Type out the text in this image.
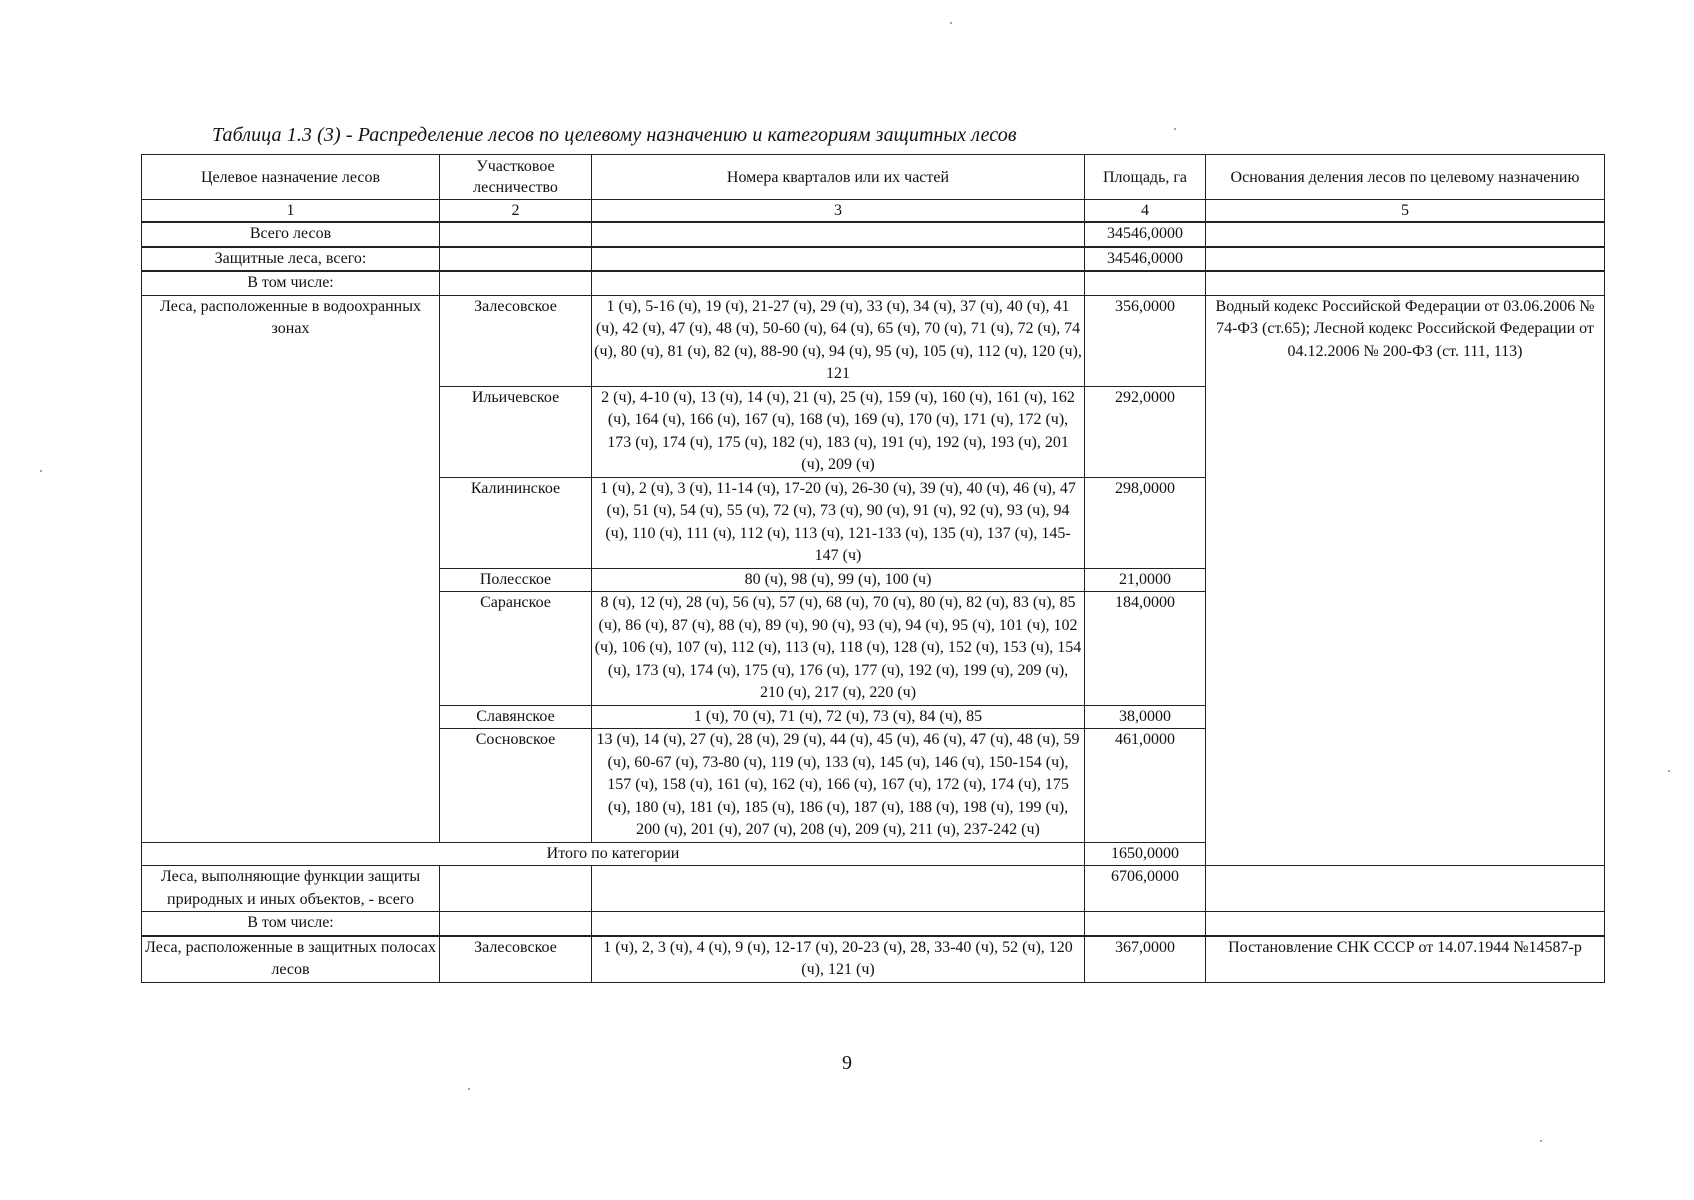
Таблица 1.3 (3) - Распределение лесов по целевому назначению и категориям защитных лесов
Целевое назначение лесов	Участковое лесничество	Номера кварталов или их частей	Площадь, га	Основания деления лесов по целевому назначению
1	2	3	4	5
Всего лесов			34546,0000	
Защитные леса, всего:			34546,0000	
В том числе:				
Леса, расположенные в водоохранных зонах	Залесовское	1 (ч), 5-16 (ч), 19 (ч), 21-27 (ч), 29 (ч), 33 (ч), 34 (ч), 37 (ч), 40 (ч), 41 (ч), 42 (ч), 47 (ч), 48 (ч), 50-60 (ч), 64 (ч), 65 (ч), 70 (ч), 71 (ч), 72 (ч), 74 (ч), 80 (ч), 81 (ч), 82 (ч), 88-90 (ч), 94 (ч), 95 (ч), 105 (ч), 112 (ч), 120 (ч), 121	356,0000	Водный кодекс Российской Федерации от 03.06.2006 № 74-ФЗ (ст.65); Лесной кодекс Российской Федерации от 04.12.2006 № 200-ФЗ (ст. 111, 113)
	Ильичевское	2 (ч), 4-10 (ч), 13 (ч), 14 (ч), 21 (ч), 25 (ч), 159 (ч), 160 (ч), 161 (ч), 162 (ч), 164 (ч), 166 (ч), 167 (ч), 168 (ч), 169 (ч), 170 (ч), 171 (ч), 172 (ч), 173 (ч), 174 (ч), 175 (ч), 182 (ч), 183 (ч), 191 (ч), 192 (ч), 193 (ч), 201 (ч), 209 (ч)	292,0000	
	Калининское	1 (ч), 2 (ч), 3 (ч), 11-14 (ч), 17-20 (ч), 26-30 (ч), 39 (ч), 40 (ч), 46 (ч), 47 (ч), 51 (ч), 54 (ч), 55 (ч), 72 (ч), 73 (ч), 90 (ч), 91 (ч), 92 (ч), 93 (ч), 94 (ч), 110 (ч), 111 (ч), 112 (ч), 113 (ч), 121-133 (ч), 135 (ч), 137 (ч), 145-147 (ч)	298,0000	
	Полесское	80 (ч), 98 (ч), 99 (ч), 100 (ч)	21,0000	
	Саранское	8 (ч), 12 (ч), 28 (ч), 56 (ч), 57 (ч), 68 (ч), 70 (ч), 80 (ч), 82 (ч), 83 (ч), 85 (ч), 86 (ч), 87 (ч), 88 (ч), 89 (ч), 90 (ч), 93 (ч), 94 (ч), 95 (ч), 101 (ч), 102 (ч), 106 (ч), 107 (ч), 112 (ч), 113 (ч), 118 (ч), 128 (ч), 152 (ч), 153 (ч), 154 (ч), 173 (ч), 174 (ч), 175 (ч), 176 (ч), 177 (ч), 192 (ч), 199 (ч), 209 (ч), 210 (ч), 217 (ч), 220 (ч)	184,0000	
	Славянское	1 (ч), 70 (ч), 71 (ч), 72 (ч), 73 (ч), 84 (ч), 85	38,0000	
	Сосновское	13 (ч), 14 (ч), 27 (ч), 28 (ч), 29 (ч), 44 (ч), 45 (ч), 46 (ч), 47 (ч), 48 (ч), 59 (ч), 60-67 (ч), 73-80 (ч), 119 (ч), 133 (ч), 145 (ч), 146 (ч), 150-154 (ч), 157 (ч), 158 (ч), 161 (ч), 162 (ч), 166 (ч), 167 (ч), 172 (ч), 174 (ч), 175 (ч), 180 (ч), 181 (ч), 185 (ч), 186 (ч), 187 (ч), 188 (ч), 198 (ч), 199 (ч), 200 (ч), 201 (ч), 207 (ч), 208 (ч), 209 (ч), 211 (ч), 237-242 (ч)	461,0000	
Итого по категории			1650,0000	
Леса, выполняющие функции защиты природных и иных объектов, - всего			6706,0000	
В том числе:				
Леса, расположенные в защитных полосах лесов	Залесовское	1 (ч), 2, 3 (ч), 4 (ч), 9 (ч), 12-17 (ч), 20-23 (ч), 28, 33-40 (ч), 52 (ч), 120 (ч), 121 (ч)	367,0000	Постановление СНК СССР от 14.07.1944 №14587-р
9
